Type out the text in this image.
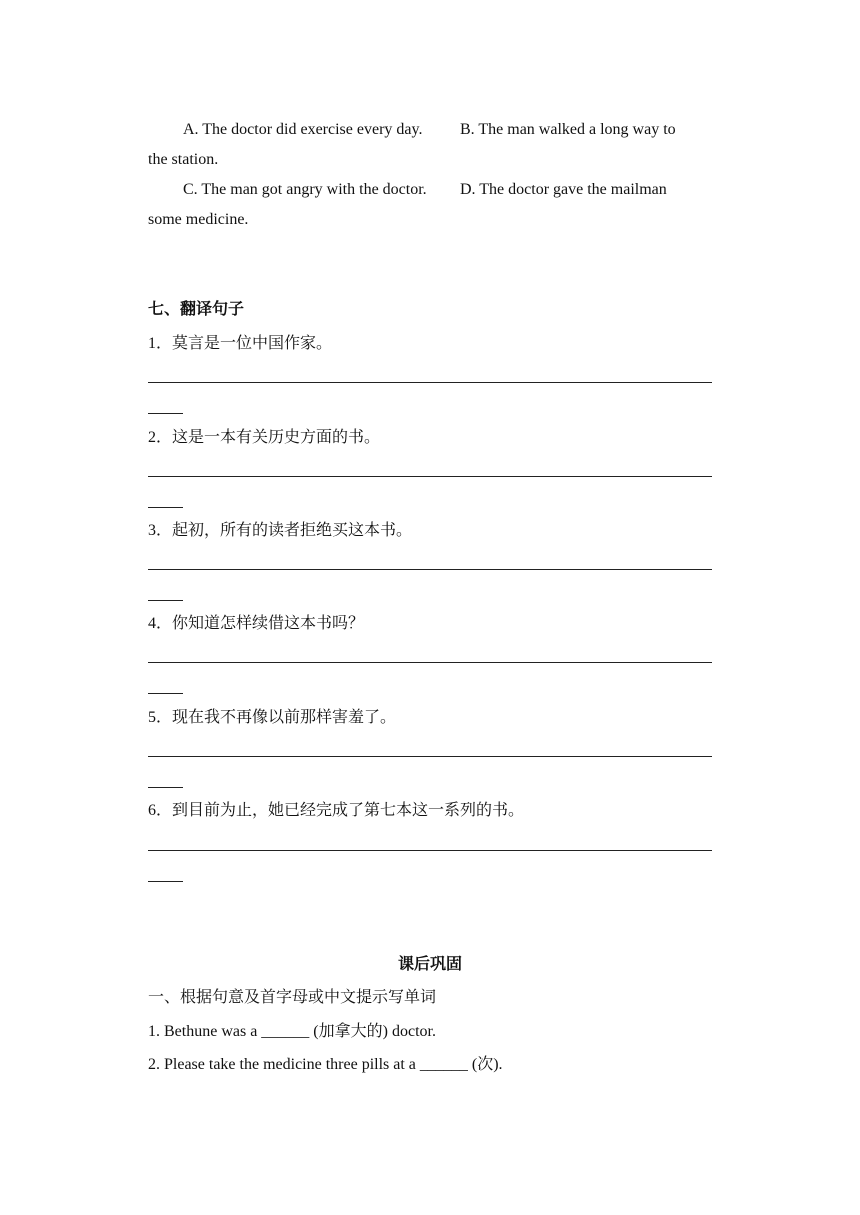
A. The doctor did exercise every day. B. The man walked a long way to
the station.
C. The man got angry with the doctor. D. The doctor gave the mailman
some medicine.
七、翻译句子
1．莫言是一位中国作家。
2．这是一本有关历史方面的书。
3．起初，所有的读者拒绝买这本书。
4．你知道怎样续借这本书吗？
5．现在我不再像以前那样害羞了。
6．到目前为止，她已经完成了第七本这一系列的书。
课后巩固
一、根据句意及首字母或中文提示写单词
1. Bethune was a ______ (加拿大的) doctor.
2. Please take the medicine three pills at a ______ (次).
